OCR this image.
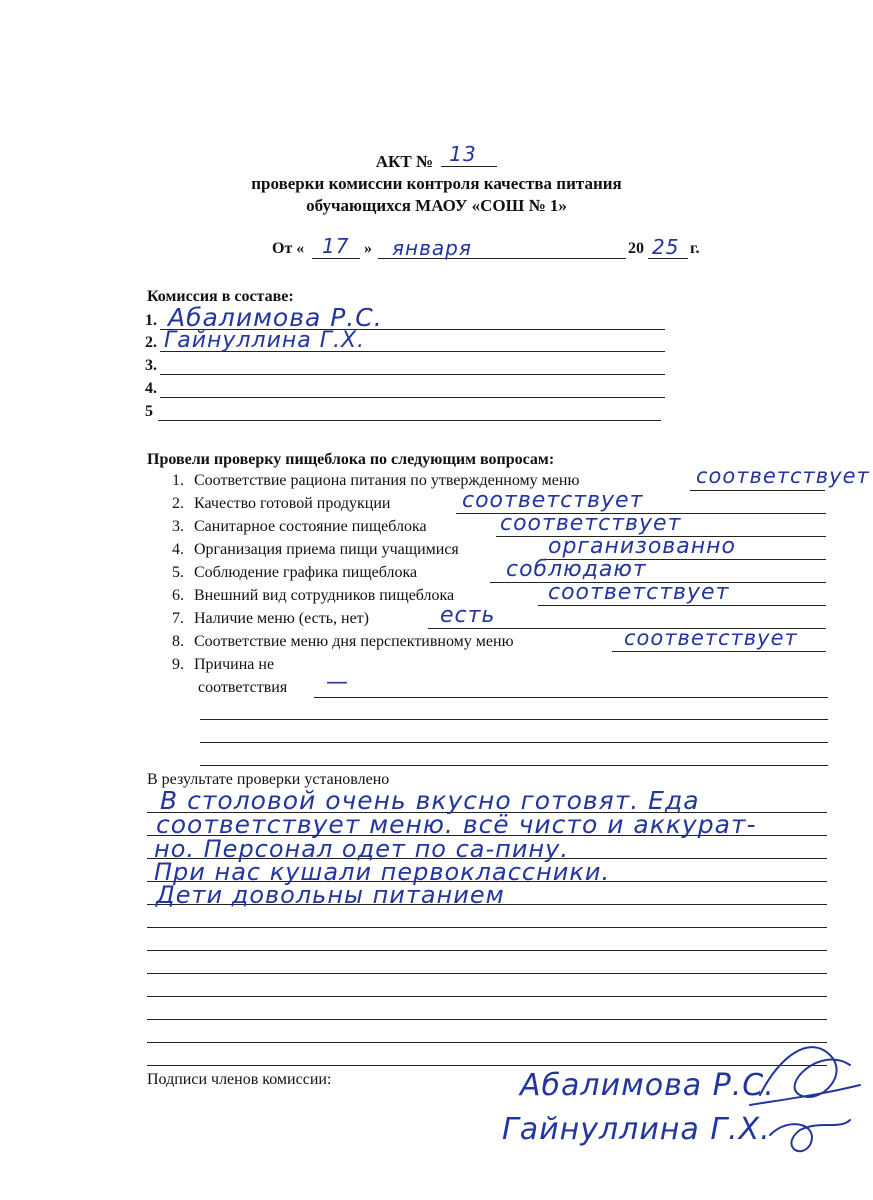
АКТ № 13
проверки комиссии контроля качества питания
обучающихся МАОУ «СОШ № 1»
От « 17 » января	20 25 г.
Комиссия в составе:
1. Абалимова Р.С.
2. Гайнуллина Г.Х.
3.
4.
5
Провели проверку пищеблока по следующим вопросам:
1. Соответствие рациона питания по утвержденному меню	соответствует
2. Качество готовой продукции	соответствует
3. Санитарное состояние пищеблока	соответствует
4. Организация приема пищи учащимися	организованно
5. Соблюдение графика пищеблока	соблюдают
6. Внешний вид сотрудников пищеблока	соответствует
7. Наличие меню (есть, нет)	есть
8. Соответствие меню дня перспективному меню	соответствует
9. Причина не
соответствия —
В результате проверки установлено
В столовой очень вкусно готовят. Еда
соответствует меню. всё чисто и аккурат-
но. Персонал одет по са-пину.
При нас кушали первоклассники.
Дети довольны питанием
Подписи членов комиссии:	Абалимова Р.С.
Гайнуллина Г.Х.
